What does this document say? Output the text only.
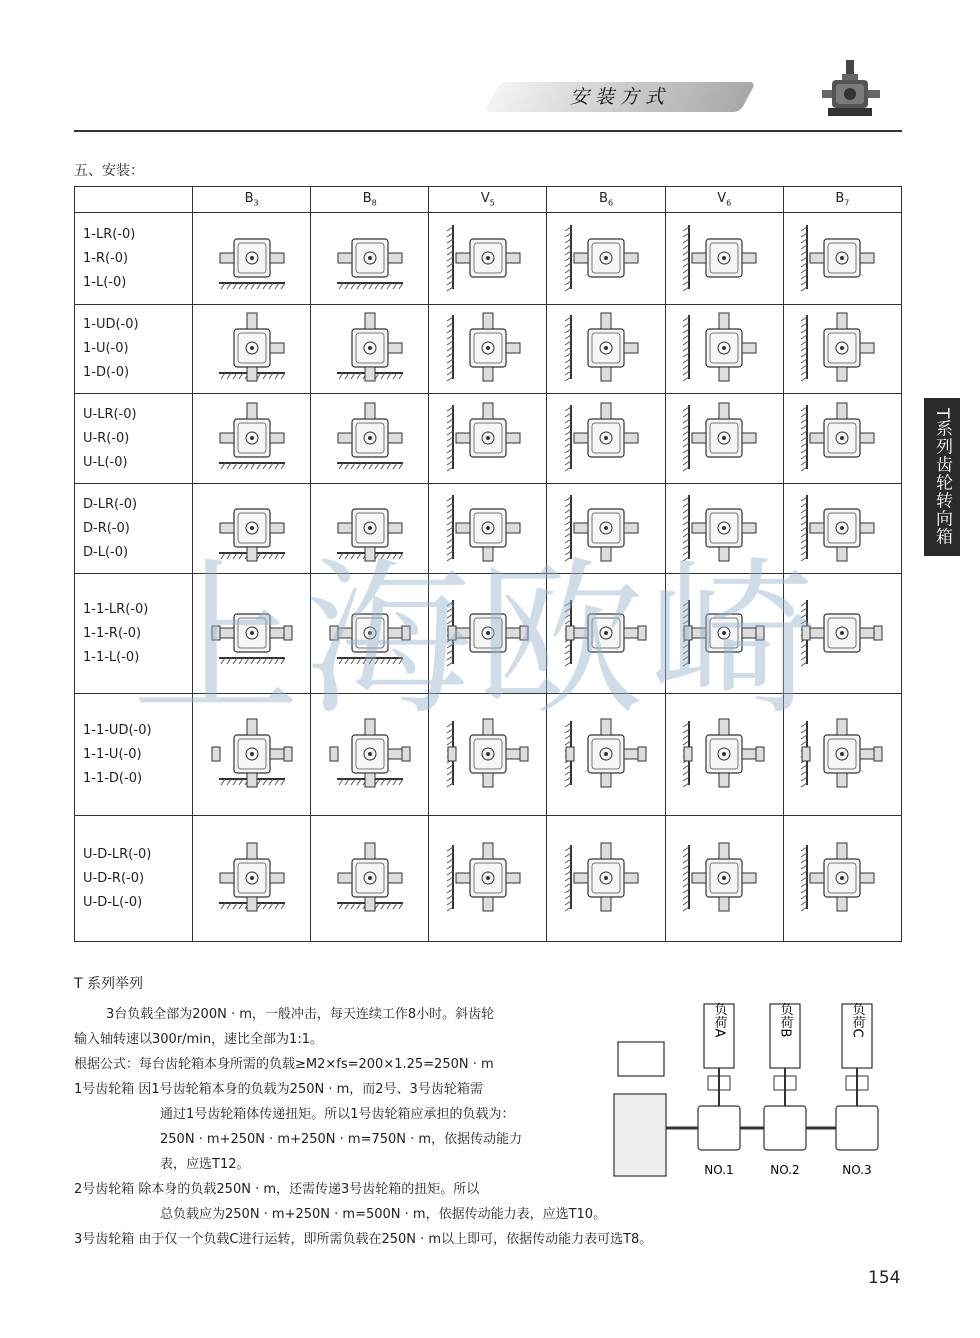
安装方式
T系列齿轮转向箱
五、安装：
	$B_3$	$B_8$	$V_5$	$B_6$	$V_6$	$B_7$

1-LR(-0)
1-R(-0)
1-L(-0)

1-UD(-0)
1-U(-0)
1-D(-0)

U-LR(-0)
U-R(-0)
U-L(-0)

D-LR(-0)
D-R(-0)
D-L(-0)

1-1-LR(-0)
1-1-R(-0)
1-1-L(-0)

1-1-UD(-0)
1-1-U(-0)
1-1-D(-0)

U-D-LR(-0)
U-D-R(-0)
U-D-L(-0)

上海欧崎
T 系列举列
3台负载全部为200N · m，一般冲击，每天连续工作8小时。斜齿轮
输入轴转速以300r/min，速比全部为1:1。
根据公式：每台齿轮箱本身所需的负载≥M2×fs=200×1.25=250N · m
1号齿轮箱 因1号齿轮箱本身的负载为250N · m，而2号、3号齿轮箱需
通过1号齿轮箱体传递扭矩。所以1号齿轮箱应承担的负载为：
250N · m+250N · m+250N · m=750N · m，依据传动能力
表，应选T12。
2号齿轮箱 除本身的负载250N · m，还需传递3号齿轮箱的扭矩。所以
总负载应为250N · m+250N · m=500N · m，依据传动能力表，应选T10。
3号齿轮箱 由于仅一个负载C进行运转，即所需负载在250N · m以上即可，依据传动能力表可选T8。
负荷A	负荷B	负荷C
NO.1	NO.2	NO.3
154
